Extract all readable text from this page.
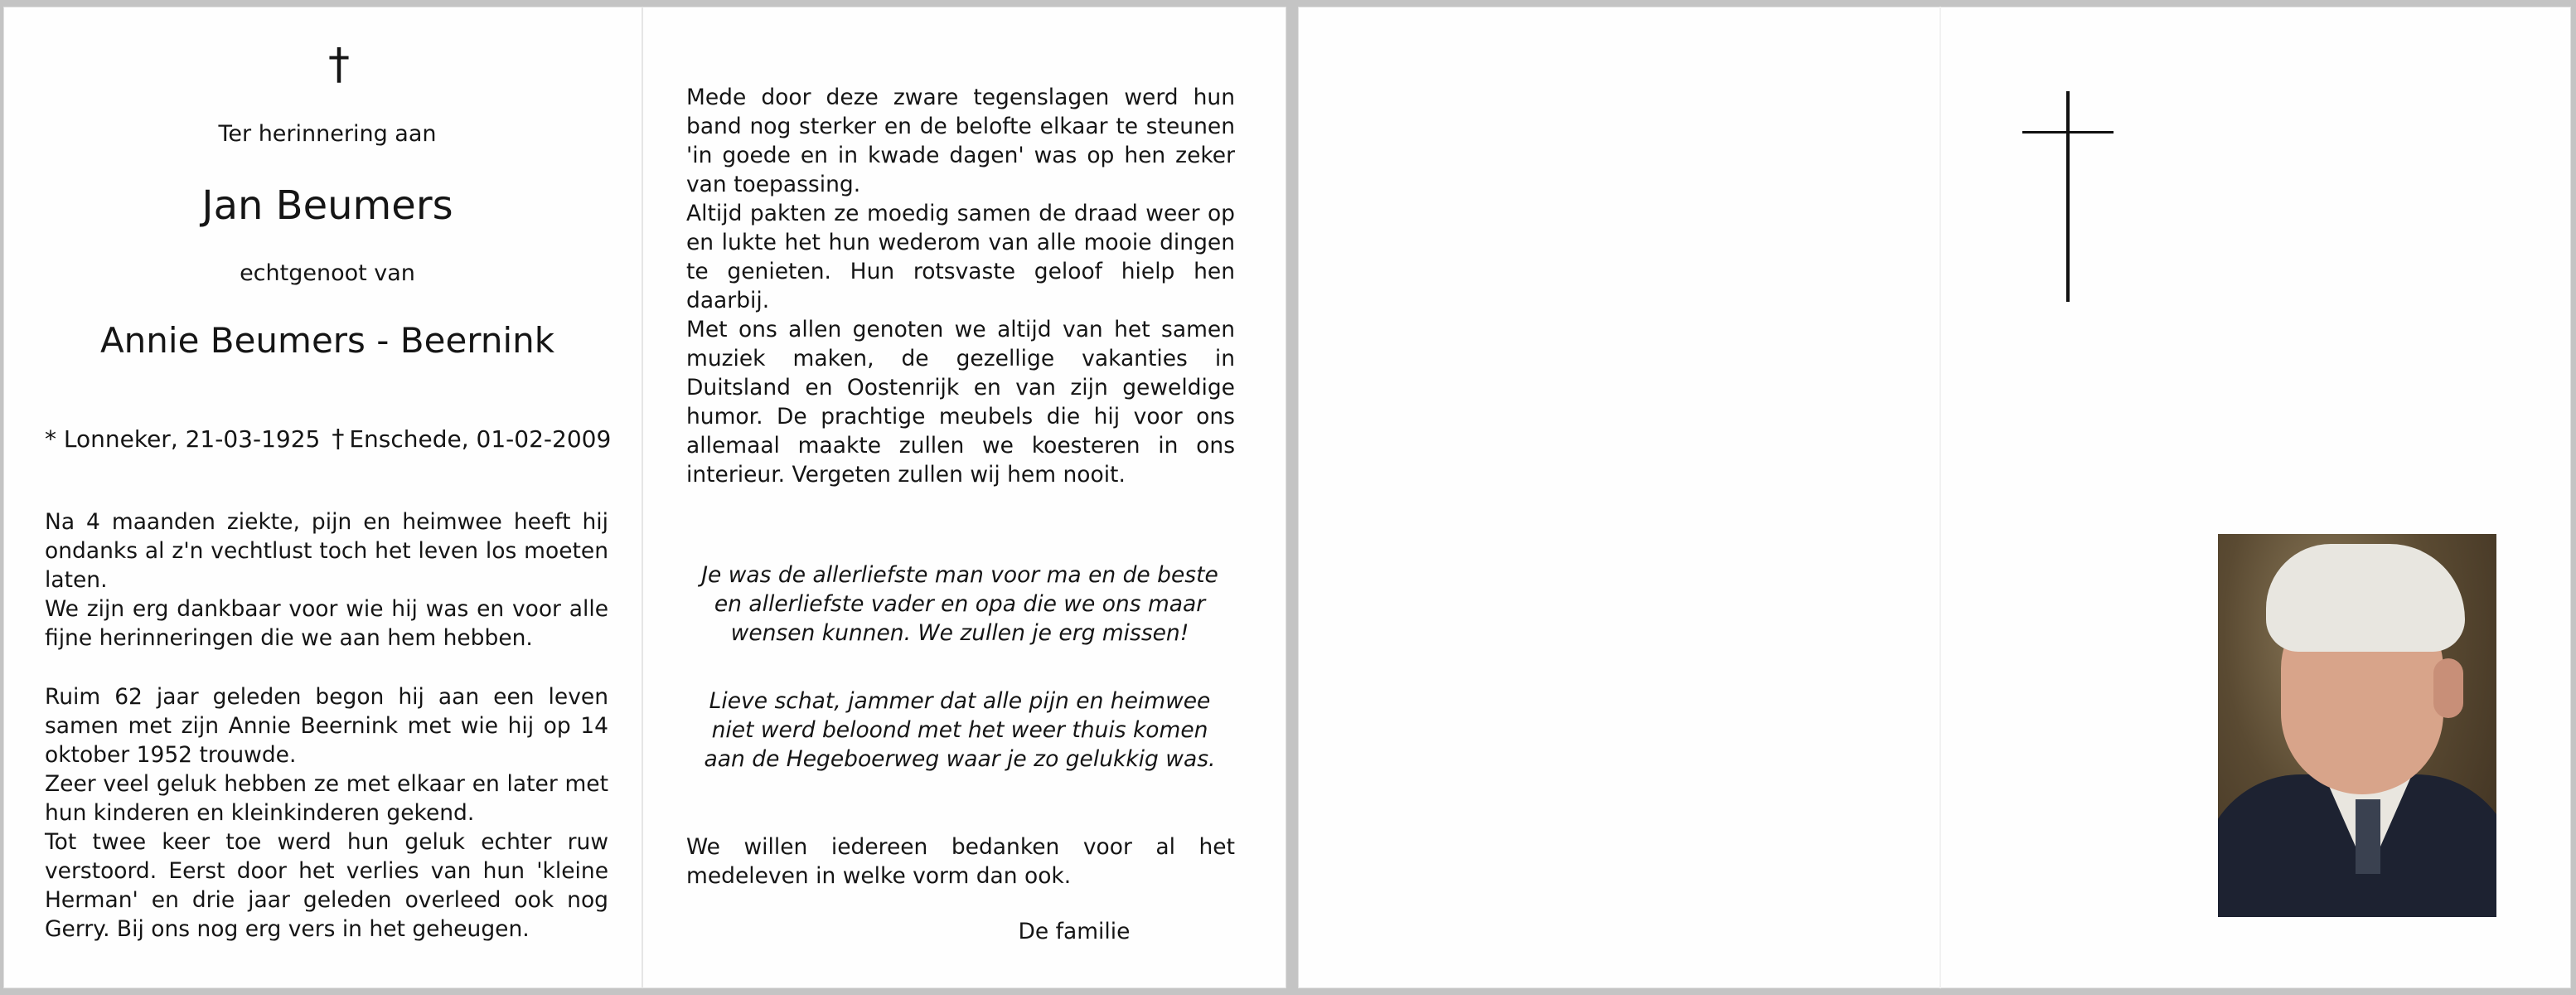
†
Ter herinnering aan
Jan Beumers
echtgenoot van
Annie Beumers - Beernink
* Lonneker, 21-03-1925 † Enschede, 01-02-2009

Na 4 maanden ziekte, pijn en heimwee heeft hij ondanks al z'n vechtlust toch het leven los moeten laten.

We zijn erg dankbaar voor wie hij was en voor alle fijne herinneringen die we aan hem hebben.

Ruim 62 jaar geleden begon hij aan een leven samen met zijn Annie Beernink met wie hij op 14 oktober 1952 trouwde.

Zeer veel geluk hebben ze met elkaar en later met hun kinderen en kleinkinderen gekend.

Tot twee keer toe werd hun geluk echter ruw verstoord. Eerst door het verlies van hun 'kleine Herman' en drie jaar geleden overleed ook nog Gerry. Bij ons nog erg vers in het geheugen.

Mede door deze zware tegenslagen werd hun band nog sterker en de belofte elkaar te steunen 'in goede en in kwade dagen' was op hen zeker van toepassing.

Altijd pakten ze moedig samen de draad weer op en lukte het hun wederom van alle mooie dingen te genieten. Hun rotsvaste geloof hielp hen daarbij.

Met ons allen genoten we altijd van het samen muziek maken, de gezellige vakanties in Duitsland en Oostenrijk en van zijn geweldige humor. De prachtige meubels die hij voor ons allemaal maakte zullen we koesteren in ons interieur. Vergeten zullen wij hem nooit.

Je was de allerliefste man voor ma en de beste

en allerliefste vader en opa die we ons maar

wensen kunnen. We zullen je erg missen!

Lieve schat, jammer dat alle pijn en heimwee

niet werd beloond met het weer thuis komen

aan de Hegeboerweg waar je zo gelukkig was.

We willen iedereen bedanken voor al het medeleven in welke vorm dan ook.
De familie
